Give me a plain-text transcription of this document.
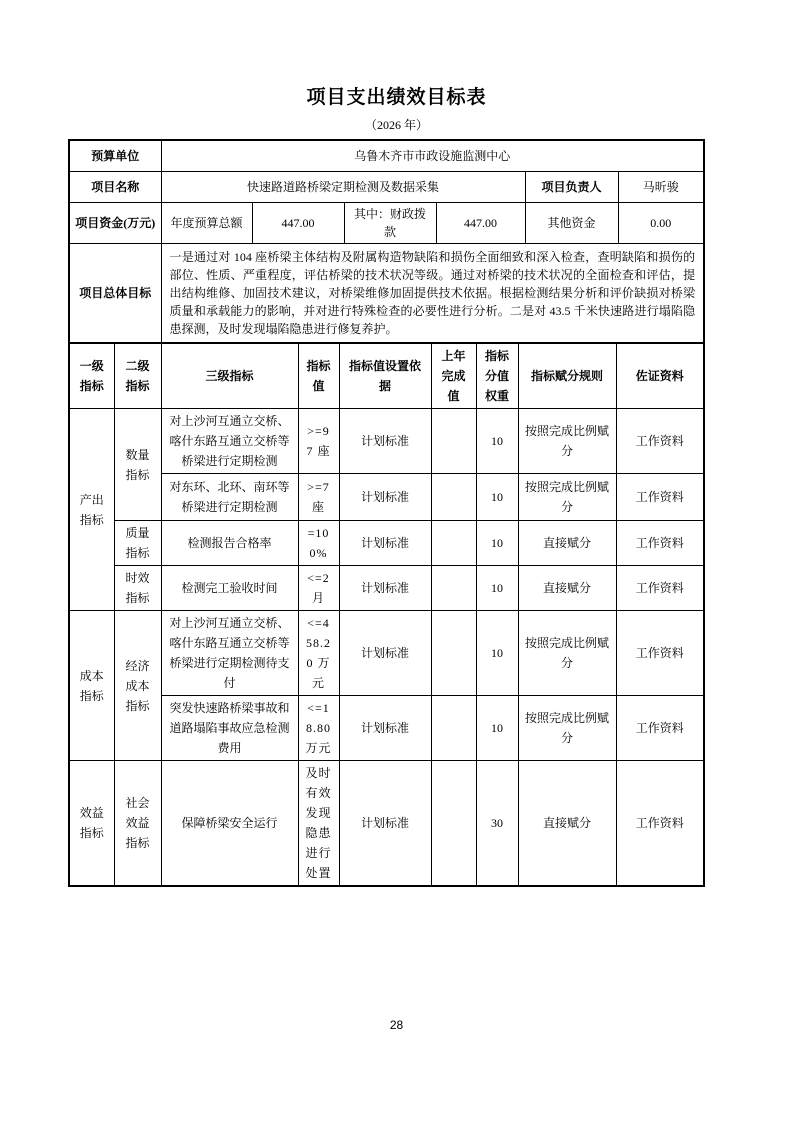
项目支出绩效目标表
（2026 年）
预算单位	乌鲁木齐市市政设施监测中心					
项目名称	快速路道路桥梁定期检测及数据采集				项目负责人	马昕骏
项目资金(万元)	年度预算总额	447.00	其中：财政拨款	447.00	其他资金	0.00
项目总体目标	一是通过对 104 座桥梁主体结构及附属构造物缺陷和损伤全面细致和深入检查，查明缺陷和损伤的部位、性质、严重程度，评估桥梁的技术状况等级。通过对桥梁的技术状况的全面检查和评估，提出结构维修、加固技术建议，对桥梁维修加固提供技术依据。根据检测结果分析和评价缺损对桥梁质量和承载能力的影响，并对进行特殊检查的必要性进行分析。二是对 43.5 千米快速路进行塌陷隐患探测，及时发现塌陷隐患进行修复养护。					
一级指标	二级指标	三级指标	指标值	指标值设置依据	上年完成值	指标分值权重	指标赋分规则	佐证资料
产出指标	数量指标	对上沙河互通立交桥、喀什东路互通立交桥等桥梁进行定期检测	>=97 座	计划标准		10	按照完成比例赋分	工作资料
		对东环、北环、南环等桥梁进行定期检测	>=7 座	计划标准		10	按照完成比例赋分	工作资料
	质量指标	检测报告合格率	=100%	计划标准		10	直接赋分	工作资料
	时效指标	检测完工验收时间	<=2 月	计划标准		10	直接赋分	工作资料
成本指标	经济成本指标	对上沙河互通立交桥、喀什东路互通立交桥等桥梁进行定期检测待支付	<=458.20 万元	计划标准		10	按照完成比例赋分	工作资料
		突发快速路桥梁事故和道路塌陷事故应急检测费用	<=18.80 万元	计划标准		10	按照完成比例赋分	工作资料
效益指标	社会效益指标	保障桥梁安全运行	及时有效发现隐患进行处置	计划标准		30	直接赋分	工作资料
28
